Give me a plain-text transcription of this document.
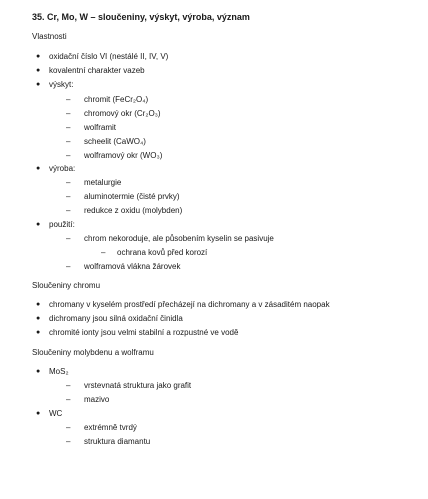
35. Cr, Mo, W – sloučeniny, výskyt, výroba, význam
Vlastnosti
● oxidační číslo VI (nestálé II, IV, V)
● kovalentní charakter vazeb
● výskyt:
– chromit (FeCr₂O₄)
– chromový okr (Cr₂O₃)
– wolframit
– scheelit (CaWO₄)
– wolframový okr (WO₃)
● výroba:
– metalurgie
– aluminotermie (čisté prvky)
– redukce z oxidu (molybden)
● použití:
– chrom nekoroduje, ale působením kyselin se pasivuje
– ochrana kovů před korozí
– wolframová vlákna žárovek
Sloučeniny chromu
● chromany v kyselém prostředí přecházejí na dichromany a v zásaditém naopak
● dichromany jsou silná oxidační činidla
● chromité ionty jsou velmi stabilní a rozpustné ve vodě
Sloučeniny molybdenu a wolframu
● MoS₂
– vrstevnatá struktura jako grafit
– mazivo
● WC
– extrémně tvrdý
– struktura diamantu
